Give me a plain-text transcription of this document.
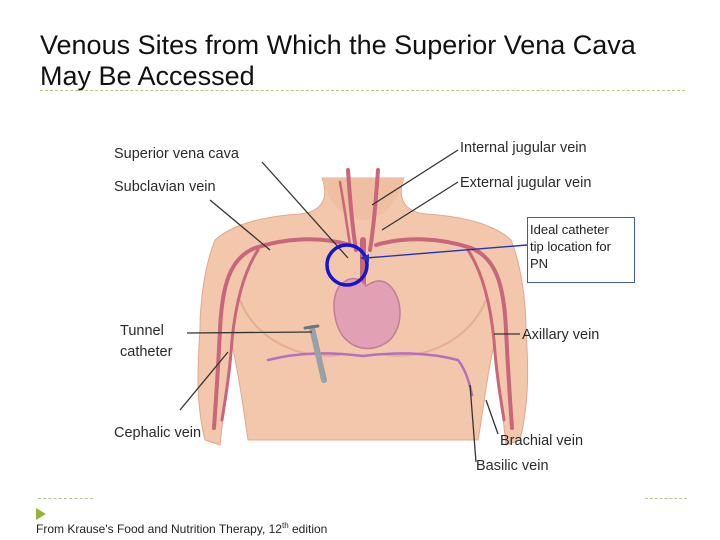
Venous Sites from Which the Superior Vena Cava May Be Accessed
Superior vena cava
Subclavian vein
Tunnel
catheter
Cephalic vein
Internal jugular vein
External jugular vein
Axillary vein
Brachial vein
Basilic vein
Ideal catheter
tip location for
PN
From Krause's Food and Nutrition Therapy, 12th edition
